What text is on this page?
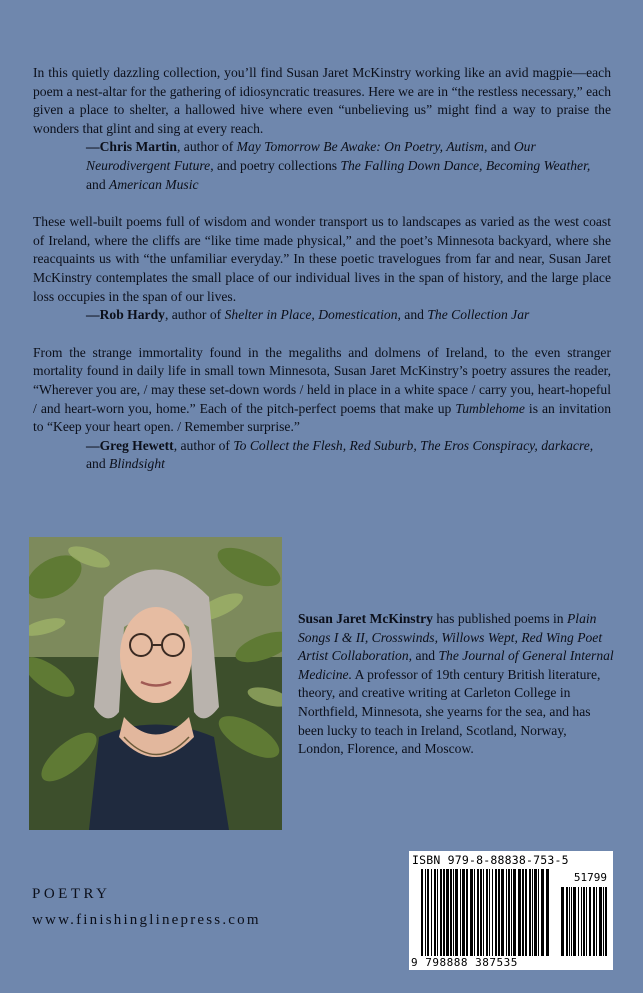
In this quietly dazzling collection, you’ll find Susan Jaret McKinstry working like an avid magpie—each poem a nest-altar for the gathering of idiosyncratic treasures. Here we are in “the restless necessary,” each given a place to shelter, a hallowed hive where even “unbelieving us” might find a way to praise the wonders that glint and sing at every reach.

—Chris Martin, author of May Tomorrow Be Awake: On Poetry, Autism, and Our Neurodivergent Future, and poetry collections The Falling Down Dance, Becoming Weather, and American Music

These well-built poems full of wisdom and wonder transport us to landscapes as varied as the west coast of Ireland, where the cliffs are “like time made physical,” and the poet’s Minnesota backyard, where she reacquaints us with “the unfamiliar everyday.” In these poetic travelogues from far and near, Susan Jaret McKinstry contemplates the small place of our individual lives in the span of history, and the large place loss occupies in the span of our lives.

—Rob Hardy, author of Shelter in Place, Domestication, and The Collection Jar

From the strange immortality found in the megaliths and dolmens of Ireland, to the even stranger mortality found in daily life in small town Minnesota, Susan Jaret McKinstry’s poetry assures the reader, “Wherever you are, / may these set-down words / held in place in a white space / carry you, heart-hopeful / and heart-worn you, home.” Each of the pitch-perfect poems that make up Tumblehome is an invitation to “Keep your heart open. / Remember surprise.”

—Greg Hewett, author of To Collect the Flesh, Red Suburb, The Eros Conspiracy, darkacre, and Blindsight

Susan Jaret McKinstry has published poems in Plain Songs I & II, Crosswinds, Willows Wept, Red Wing Poet Artist Collaboration, and The Journal of General Internal Medicine. A professor of 19th century British literature, theory, and creative writing at Carleton College in Northfield, Minnesota, she yearns for the sea, and has been lucky to teach in Ireland, Scotland, Norway, London, Florence, and Moscow.

POETRY
www.finishinglinepress.com
ISBN 979-8-88838-753-5
51799
9 798888 387535
